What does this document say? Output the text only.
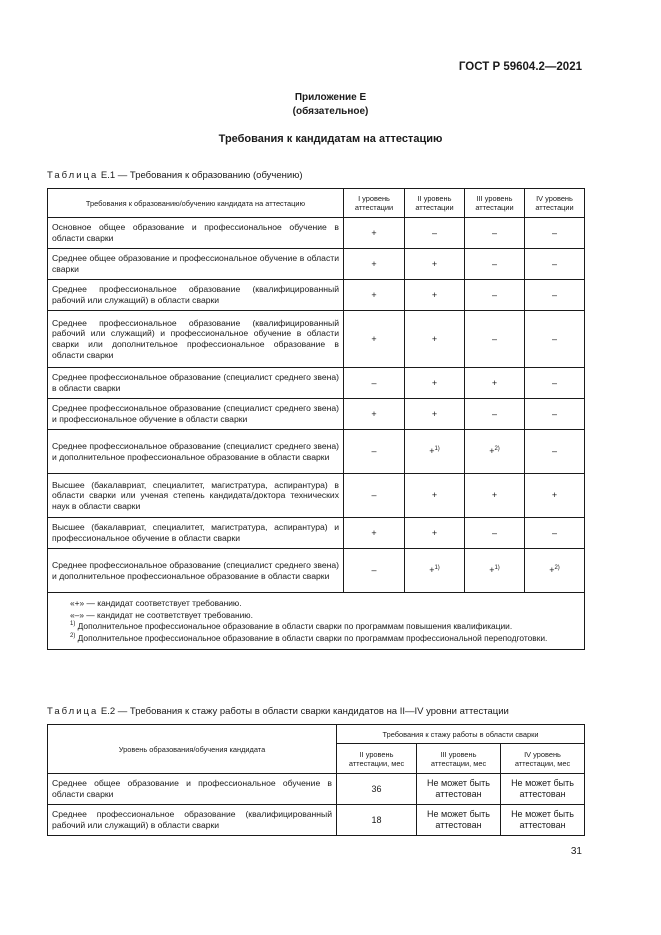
ГОСТ Р 59604.2—2021
Приложение Е
(обязательное)
Требования к кандидатам на аттестацию
Таблица Е.1 — Требования к образованию (обучению)
Требования к образованию/обучению кандидата на аттестацию	I уровень аттестации	II уровень аттестации	III уровень аттестации	IV уровень аттестации
Основное общее образование и профессиональное обучение в области сварки	+	–	–	–
Среднее общее образование и профессиональное обучение в области сварки	+	+	–	–
Среднее профессиональное образование (квалифицированный рабочий или служащий) в области сварки	+	+	–	–
Среднее профессиональное образование (квалифицированный рабочий или служащий) и профессиональное обучение в области сварки или дополнительное профессиональное образование в области сварки	+	+	–	–
Среднее профессиональное образование (специалист среднего звена) в области сварки	–	+	+	–
Среднее профессиональное образование (специалист среднего звена) и профессиональное обучение в области сварки	+	+	–	–
Среднее профессиональное образование (специалист среднего звена) и дополнительное профессиональное образование в области сварки	–	+$^{1)}$	+$^{2)}$	–
Высшее (бакалавриат, специалитет, магистратура, аспирантура) в области сварки или ученая степень кандидата/доктора технических наук в области сварки	–	+	+	+
Высшее (бакалавриат, специалитет, магистратура, аспирантура) и профессиональное обучение в области сварки	+	+	–	–
Среднее профессиональное образование (специалист среднего звена) и дополнительное профессиональное образование в области сварки	–	+$^{1)}$	+$^{1)}$	+$^{2)}$

«+» — кандидат соответствует требованию.

«–» — кандидат не соответствует требованию.

$^{1)}$ Дополнительное профессиональное образование в области сварки по программам повышения квалификации.

$^{2)}$ Дополнительное профессиональное образование в области сварки по программам профессиональной переподготовки.				

Таблица Е.2 — Требования к стажу работы в области сварки кандидатов на II—IV уровни аттестации
Уровень образования/обучения кандидата	Требования к стажу работы в области сварки		
	II уровень аттестации, мес	III уровень аттестации, мес	IV уровень аттестации, мес
Среднее общее образование и профессиональное обучение в области сварки	36	Не может быть аттестован	Не может быть аттестован
Среднее профессиональное образование (квалифицированный рабочий или служащий) в области сварки	18	Не может быть аттестован	Не может быть аттестован
31
